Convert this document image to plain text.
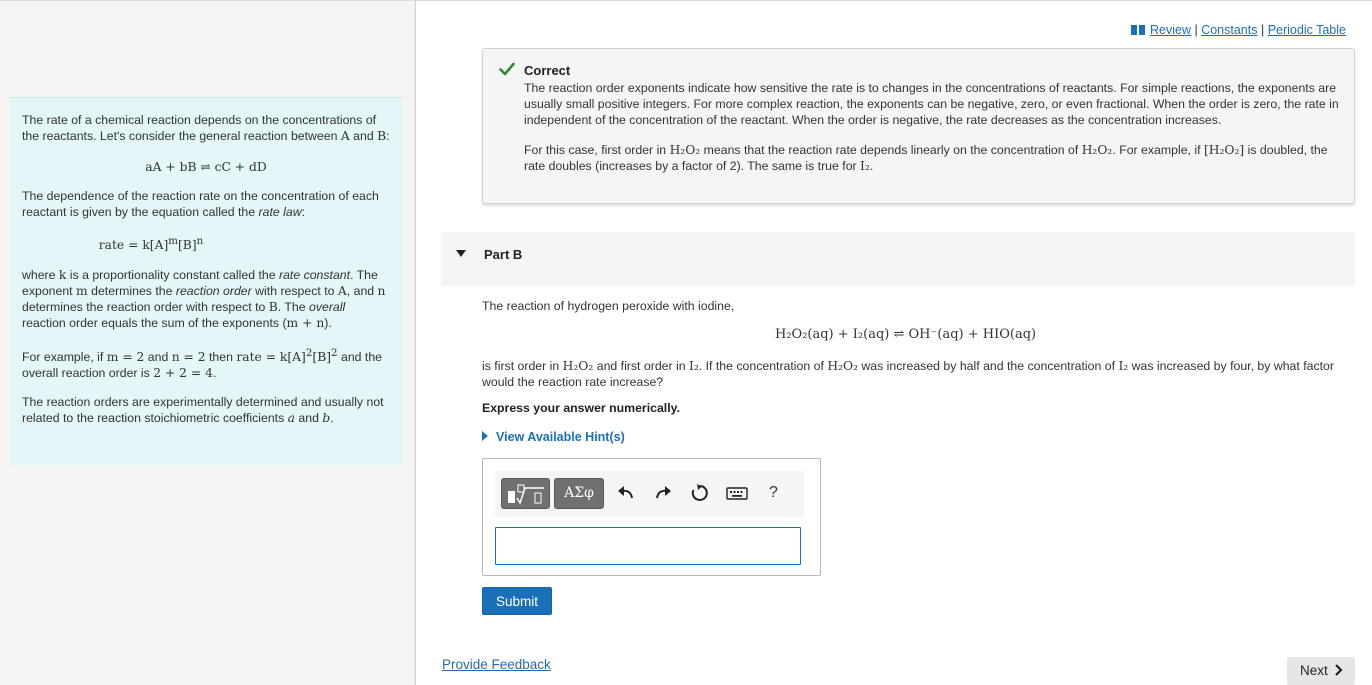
The rate of a chemical reaction depends on the concentrations of the reactants. Let's consider the general reaction between A and B:

aA + bB ⇌ cC + dD

The dependence of the reaction rate on the concentration of each reactant is given by the equation called the rate law:

rate = $k[A]^m[B]^n$

where k is a proportionality constant called the rate constant. The exponent m determines the reaction order with respect to A, and n determines the reaction order with respect to B. The overall reaction order equals the sum of the exponents (m + n).

For example, if m = 2 and n = 2 then rate = $k[A]^2[B]^2$ and the overall reaction order is 2 + 2 = 4.

The reaction orders are experimentally determined and usually not related to the reaction stoichiometric coefficients a and b.

Review | Constants | Periodic Table
Correct

The reaction order exponents indicate how sensitive the rate is to changes in the concentrations of reactants. For simple reactions, the exponents are usually small positive integers. For more complex reaction, the exponents can be negative, zero, or even fractional. When the order is zero, the rate in independent of the concentration of the reactant. When the order is negative, the rate decreases as the concentration increases.

For this case, first order in H₂O₂ means that the reaction rate depends linearly on the concentration of H₂O₂. For example, if [H₂O₂] is doubled, the rate doubles (increases by a factor of 2). The same is true for I₂.

Part B
The reaction of hydrogen peroxide with iodine,
H₂O₂(aq) + I₂(aq) ⇌ OH⁻(aq) + HIO(aq)
is first order in H₂O₂ and first order in I₂. If the concentration of H₂O₂ was increased by half and the concentration of I₂ was increased by four, by what factor would the reaction rate increase?
Express your answer numerically.
View Available Hint(s)
ΑΣφ	?
Submit
Provide Feedback	Next
